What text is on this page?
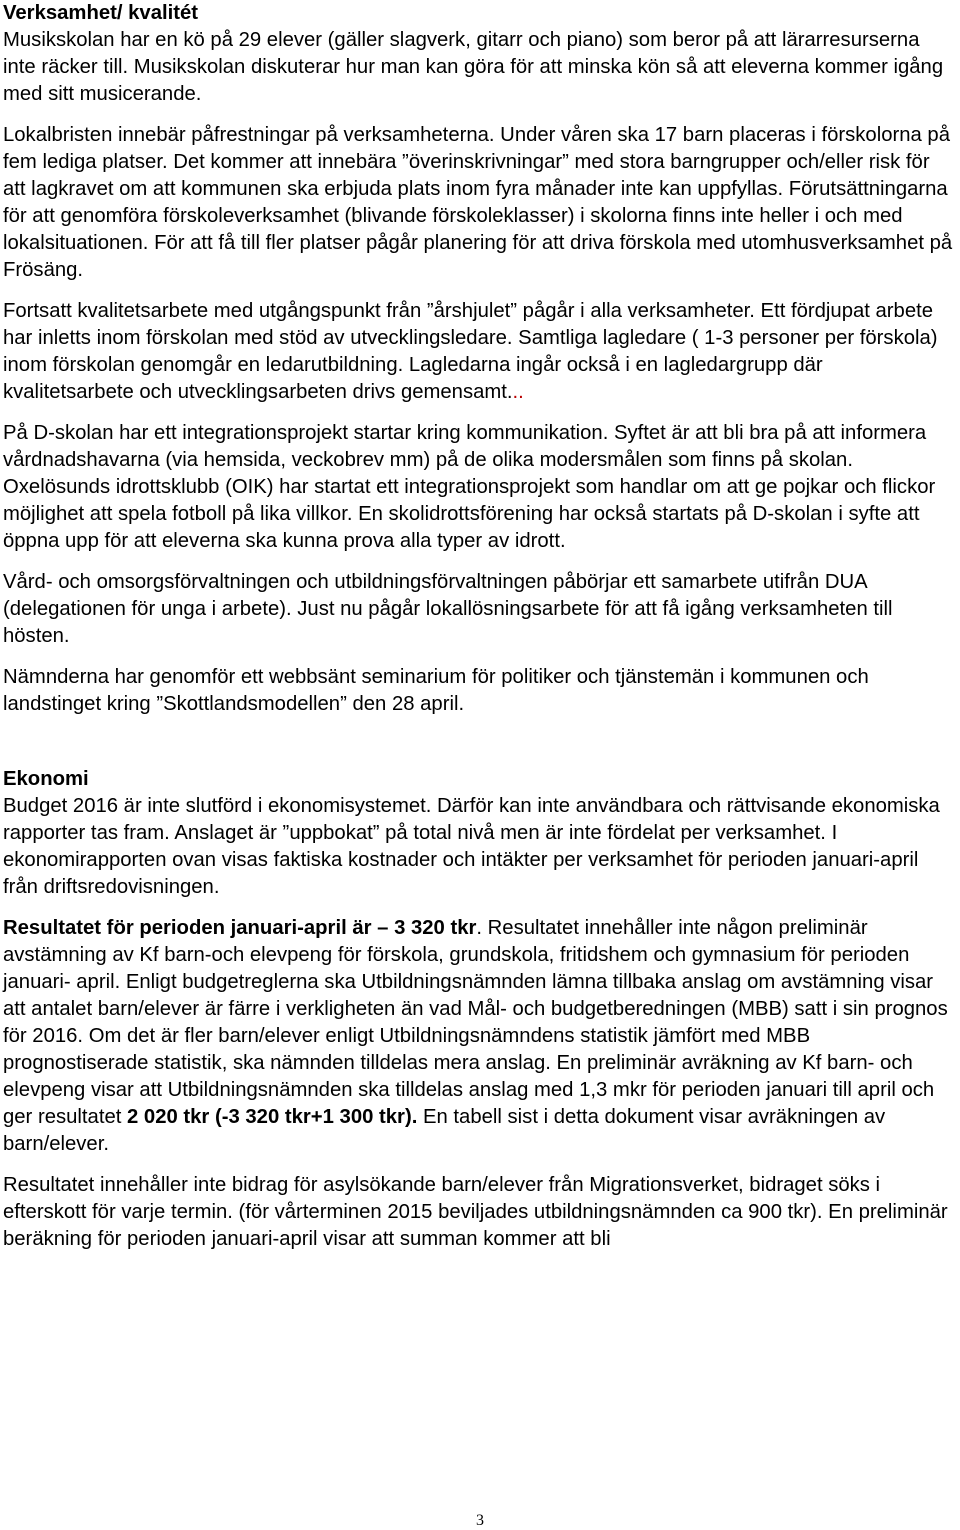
Verksamhet/ kvalitét

Musikskolan har en kö på 29 elever (gäller slagverk, gitarr och piano) som beror på att lärarresurserna inte räcker till. Musikskolan diskuterar hur man kan göra för att minska kön så att eleverna kommer igång med sitt musicerande.

Lokalbristen innebär påfrestningar på verksamheterna. Under våren ska 17 barn placeras i förskolorna på fem lediga platser. Det kommer att innebära ”överinskrivningar” med stora barngrupper och/eller risk för att lagkravet om att kommunen ska erbjuda plats inom fyra månader inte kan uppfyllas. Förutsättningarna för att genomföra förskoleverksamhet (blivande förskoleklasser) i skolorna finns inte heller i och med lokalsituationen. För att få till fler platser pågår planering för att driva förskola med utomhusverksamhet på Frösäng.

Fortsatt kvalitetsarbete med utgångspunkt från ”årshjulet” pågår i alla verksamheter. Ett fördjupat arbete har inletts inom förskolan med stöd av utvecklingsledare. Samtliga lagledare ( 1-3 personer per förskola) inom förskolan genomgår en ledarutbildning. Lagledarna ingår också i en lagledargrupp där kvalitetsarbete och utvecklingsarbeten drivs gemensamt...

På D-skolan har ett integrationsprojekt startar kring kommunikation. Syftet är att bli bra på att informera vårdnadshavarna (via hemsida, veckobrev mm) på de olika modersmålen som finns på skolan. Oxelösunds idrottsklubb (OIK) har startat ett integrationsprojekt som handlar om att ge pojkar och flickor möjlighet att spela fotboll på lika villkor. En skolidrottsförening har också startats på D-skolan i syfte att öppna upp för att eleverna ska kunna prova alla typer av idrott.

Vård- och omsorgsförvaltningen och utbildningsförvaltningen påbörjar ett samarbete utifrån DUA (delegationen för unga i arbete). Just nu pågår lokallösningsarbete för att få igång verksamheten till hösten.

Nämnderna har genomför ett webbsänt seminarium för politiker och tjänstemän i kommunen och landstinget kring ”Skottlandsmodellen” den 28 april.

Ekonomi

Budget 2016 är inte slutförd i ekonomisystemet. Därför kan inte användbara och rättvisande ekonomiska rapporter tas fram. Anslaget är ”uppbokat” på total nivå men är inte fördelat per verksamhet. I ekonomirapporten ovan visas faktiska kostnader och intäkter per verksamhet för perioden januari-april från driftsredovisningen.

Resultatet för perioden januari-april är – 3 320 tkr. Resultatet innehåller inte någon preliminär avstämning av Kf barn-och elevpeng för förskola, grundskola, fritidshem och gymnasium för perioden januari- april. Enligt budgetreglerna ska Utbildningsnämnden lämna tillbaka anslag om avstämning visar att antalet barn/elever är färre i verkligheten än vad Mål- och budgetberedningen (MBB) satt i sin prognos för 2016. Om det är fler barn/elever enligt Utbildningsnämndens statistik jämfört med MBB prognostiserade statistik, ska nämnden tilldelas mera anslag. En preliminär avräkning av Kf barn- och elevpeng visar att Utbildningsnämnden ska tilldelas anslag med 1,3 mkr för perioden januari till april och ger resultatet 2 020 tkr (-3 320 tkr+1 300 tkr). En tabell sist i detta dokument visar avräkningen av barn/elever.

Resultatet innehåller inte bidrag för asylsökande barn/elever från Migrationsverket, bidraget söks i efterskott för varje termin. (för vårterminen 2015 beviljades utbildningsnämnden ca 900 tkr). En preliminär beräkning för perioden januari-april visar att summan kommer att bli

3
